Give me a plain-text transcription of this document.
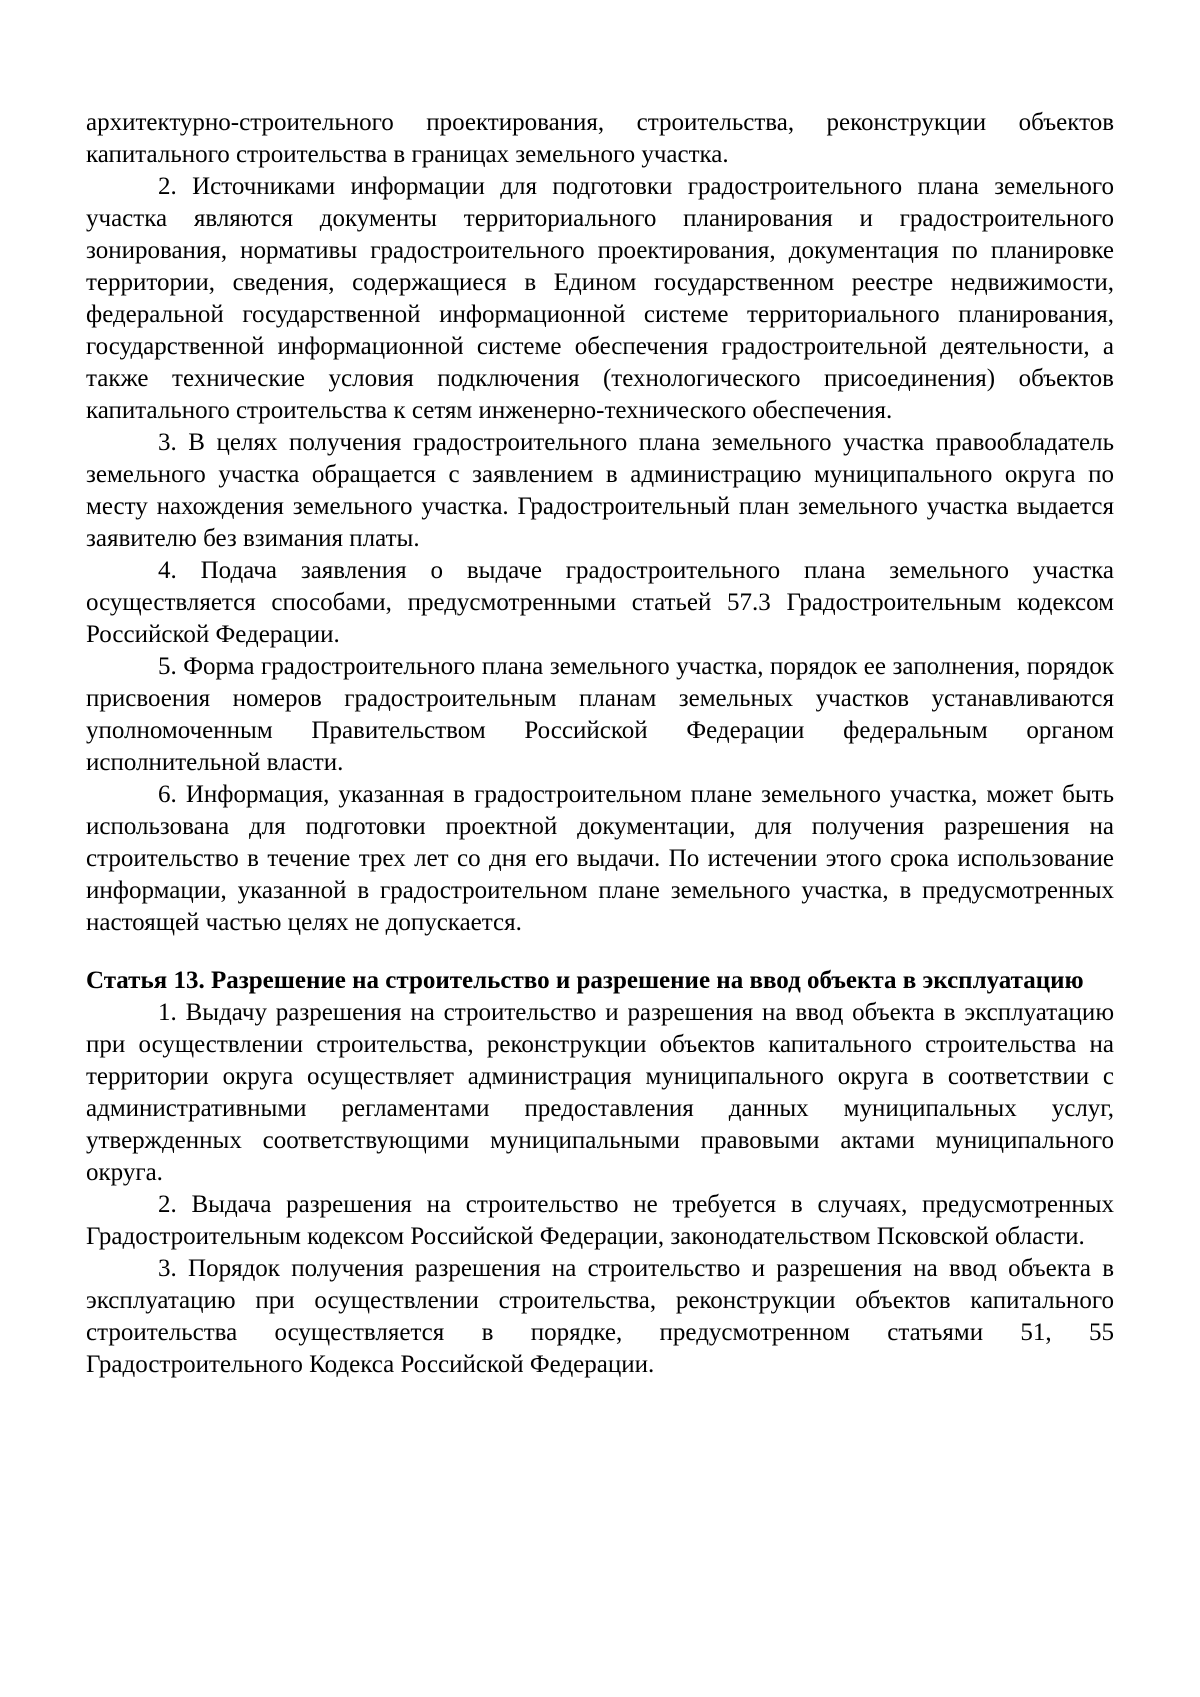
архитектурно-строительного проектирования, строительства, реконструкции объектов капитального строительства в границах земельного участка.

2. Источниками информации для подготовки градостроительного плана земельного участка являются документы территориального планирования и градостроительного зонирования, нормативы градостроительного проектирования, документация по планировке территории, сведения, содержащиеся в Едином государственном реестре недвижимости, федеральной государственной информационной системе территориального планирования, государственной информационной системе обеспечения градостроительной деятельности, а также технические условия подключения (технологического присоединения) объектов капитального строительства к сетям инженерно-технического обеспечения.

3. В целях получения градостроительного плана земельного участка правообладатель земельного участка обращается с заявлением в администрацию муниципального округа по месту нахождения земельного участка. Градостроительный план земельного участка выдается заявителю без взимания платы.

4. Подача заявления о выдаче градостроительного плана земельного участка осуществляется способами, предусмотренными статьей 57.3 Градостроительным кодексом Российской Федерации.

5. Форма градостроительного плана земельного участка, порядок ее заполнения, порядок присвоения номеров градостроительным планам земельных участков устанавливаются уполномоченным Правительством Российской Федерации федеральным органом исполнительной власти.

6. Информация, указанная в градостроительном плане земельного участка, может быть использована для подготовки проектной документации, для получения разрешения на строительство в течение трех лет со дня его выдачи. По истечении этого срока использование информации, указанной в градостроительном плане земельного участка, в предусмотренных настоящей частью целях не допускается.

Статья 13. Разрешение на строительство и разрешение на ввод объекта в эксплуатацию

1. Выдачу разрешения на строительство и разрешения на ввод объекта в эксплуатацию при осуществлении строительства, реконструкции объектов капитального строительства на территории округа осуществляет администрация муниципального округа в соответствии с административными регламентами предоставления данных муниципальных услуг, утвержденных соответствующими муниципальными правовыми актами муниципального округа.

2. Выдача разрешения на строительство не требуется в случаях, предусмотренных Градостроительным кодексом Российской Федерации, законодательством Псковской области.

3. Порядок получения разрешения на строительство и разрешения на ввод объекта в эксплуатацию при осуществлении строительства, реконструкции объектов капитального строительства осуществляется в порядке, предусмотренном статьями 51, 55 Градостроительного Кодекса Российской Федерации.
